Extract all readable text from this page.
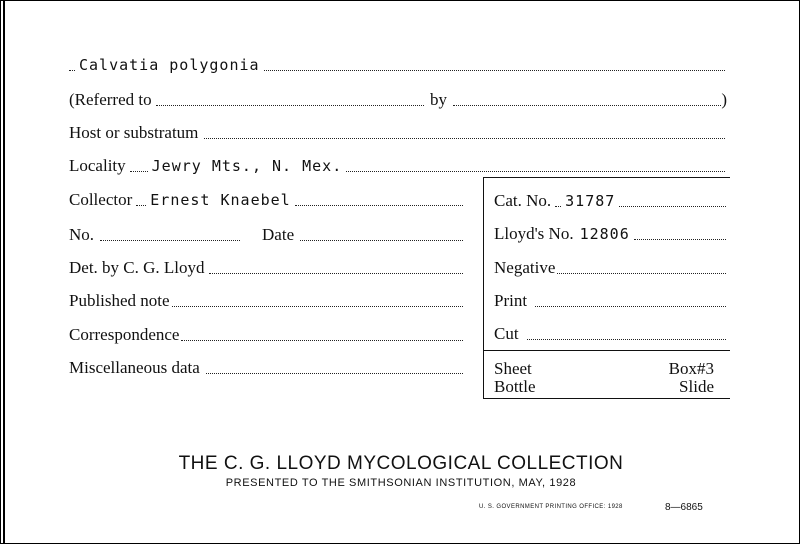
Calvatia polygonia
(Referred to	by	)
Host or substratum
Locality Jewry Mts., N. Mex.
Collector Ernest Knaebel
No.	Date
Det. by C. G. Lloyd
Published note
Correspondence
Miscellaneous data
Cat. No. 31787
Lloyd's No. 12806
Negative
Print
Cut
Sheet	Box#3
Bottle	Slide
THE C. G. LLOYD MYCOLOGICAL COLLECTION
PRESENTED TO THE SMITHSONIAN INSTITUTION, MAY, 1928
U. S. GOVERNMENT PRINTING OFFICE: 1928	8—6865
